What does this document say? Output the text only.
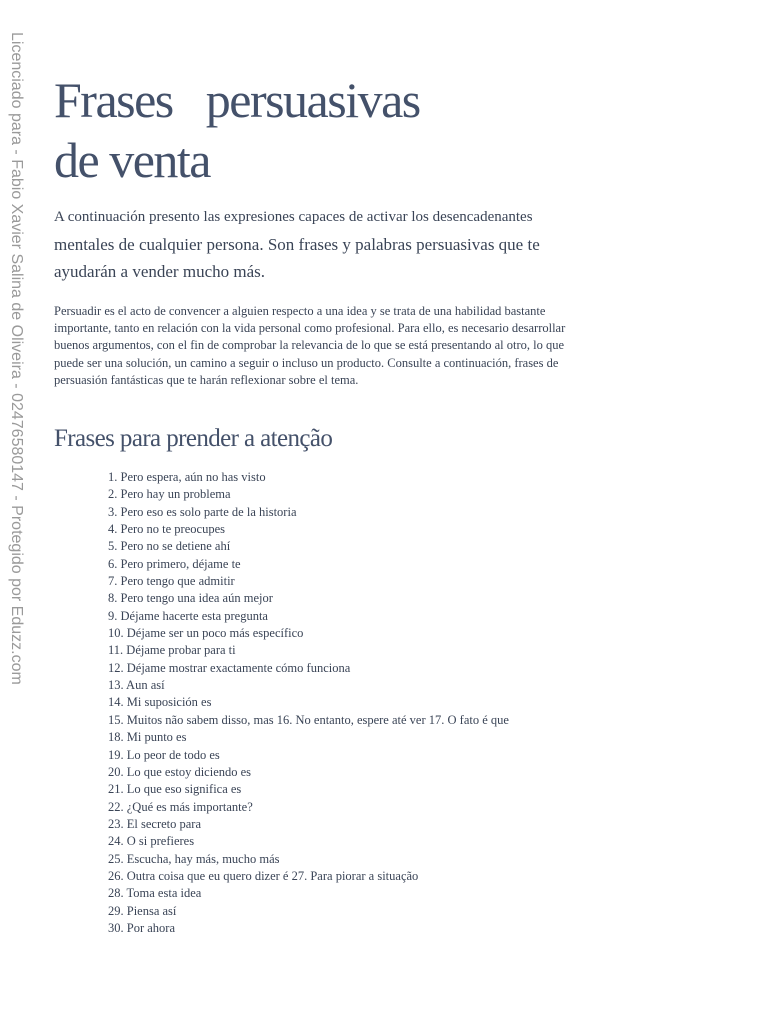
Licenciado para - Fabio Xavier Salina de Oliveira - 02476580147 - Protegido por Eduzz.com Frases   persuasivas
de venta

A continuación presento las expresiones capaces de activar los desencadenantes mentales de cualquier persona. Son frases y palabras persuasivas que te ayudarán a vender mucho más.

Persuadir es el acto de convencer a alguien respecto a una idea y se trata de una habilidad bastante importante, tanto en relación con la vida personal como profesional. Para ello, es necesario desarrollar buenos argumentos, con el fin de comprobar la relevancia de lo que se está presentando al otro, lo que puede ser una solución, un camino a seguir o incluso un producto. Consulte a continuación, frases de persuasión fantásticas que te harán reflexionar sobre el tema.

Frases para prender a atenção
1. Pero espera, aún no has visto
2. Pero hay un problema
3. Pero eso es solo parte de la historia
4. Pero no te preocupes
5. Pero no se detiene ahí
6. Pero primero, déjame te
7. Pero tengo que admitir
8. Pero tengo una idea aún mejor
9. Déjame hacerte esta pregunta
10. Déjame ser un poco más específico
11. Déjame probar para ti
12. Déjame mostrar exactamente cómo funciona
13. Aun así
14. Mi suposición es
15. Muitos não sabem disso, mas 16. No entanto, espere até ver 17. O fato é que
18. Mi punto es
19. Lo peor de todo es
20. Lo que estoy diciendo es
21. Lo que eso significa es
22. ¿Qué es más importante?
23. El secreto para
24. O si prefieres
25. Escucha, hay más, mucho más
26. Outra coisa que eu quero dizer é 27. Para piorar a situação
28. Toma esta idea
29. Piensa así
30. Por ahora
